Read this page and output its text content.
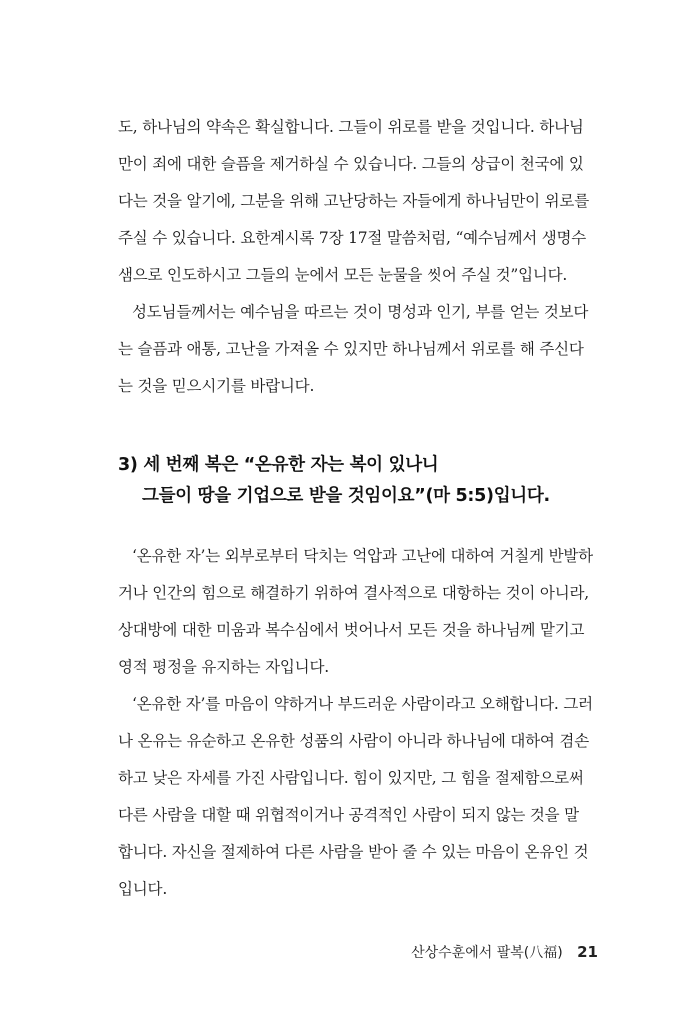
도, 하나님의 약속은 확실합니다. 그들이 위로를 받을 것입니다. 하나님
만이 죄에 대한 슬픔을 제거하실 수 있습니다. 그들의 상급이 천국에 있
다는 것을 알기에, 그분을 위해 고난당하는 자들에게 하나님만이 위로를
주실 수 있습니다. 요한계시록 7장 17절 말씀처럼, “예수님께서 생명수
샘으로 인도하시고 그들의 눈에서 모든 눈물을 씻어 주실 것”입니다.
성도님들께서는 예수님을 따르는 것이 명성과 인기, 부를 얻는 것보다
는 슬픔과 애통, 고난을 가져올 수 있지만 하나님께서 위로를 해 주신다
는 것을 믿으시기를 바랍니다.
3) 세 번째 복은 “온유한 자는 복이 있나니
그들이 땅을 기업으로 받을 것임이요”(마 5:5)입니다.
‘온유한 자’는 외부로부터 닥치는 억압과 고난에 대하여 거칠게 반발하
거나 인간의 힘으로 해결하기 위하여 결사적으로 대항하는 것이 아니라,
상대방에 대한 미움과 복수심에서 벗어나서 모든 것을 하나님께 맡기고
영적 평정을 유지하는 자입니다.
‘온유한 자’를 마음이 약하거나 부드러운 사람이라고 오해합니다. 그러
나 온유는 유순하고 온유한 성품의 사람이 아니라 하나님에 대하여 겸손
하고 낮은 자세를 가진 사람입니다. 힘이 있지만, 그 힘을 절제함으로써
다른 사람을 대할 때 위협적이거나 공격적인 사람이 되지 않는 것을 말
합니다. 자신을 절제하여 다른 사람을 받아 줄 수 있는 마음이 온유인 것
입니다.
산상수훈에서 팔복(八福) 21
